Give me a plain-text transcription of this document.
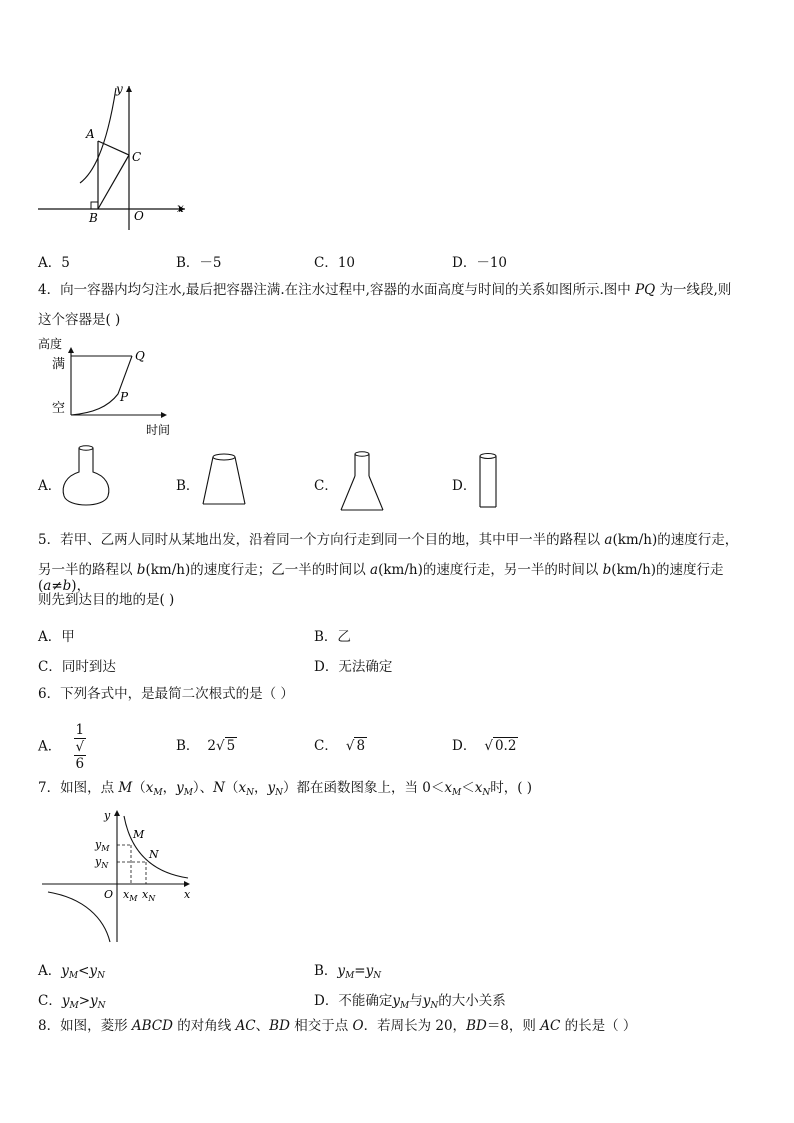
y
x
A
B
C
O
A．5	B．－5	C．10	D．－10
4．向一容器内均匀注水,最后把容器注满.在注水过程中,容器的水面高度与时间的关系如图所示.图中 PQ 为一线段,则
这个容器是( )
高度
满
空
Q
P
时间
A．	B．	C．	D．
5．若甲、乙两人同时从某地出发，沿着同一个方向行走到同一个目的地，其中甲一半的路程以 a(km/h)的速度行走，
另一半的路程以 b(km/h)的速度行走；乙一半的时间以 a(km/h)的速度行走，另一半的时间以 b(km/h)的速度行走(a≠b)，
则先到达目的地的是( )
A．甲	B．乙
C．同时到达	D．无法确定
6．下列各式中，是最简二次根式的是（ ）
A． 1
√
6	B． 2√ 5	C． √ 8	D． √ 0.2
7．如图，点 $M(x_M$，$y_M$）、$N(x_N$，$y_N$）都在函数图象上，当 $0<x_M<x_N$时，( )
y
x
O
M
N
$y_M$
$y_N$
$x_M$ $x_N$
A．$y_M<y_N$	B．$y_M=y_N$
C．$y_M>y_N$	D．不能确定$y_M$与$y_N$的大小关系
8．如图，菱形 ABCD 的对角线 AC、BD 相交于点 O．若周长为 20，BD＝8，则 AC 的长是（ ）
